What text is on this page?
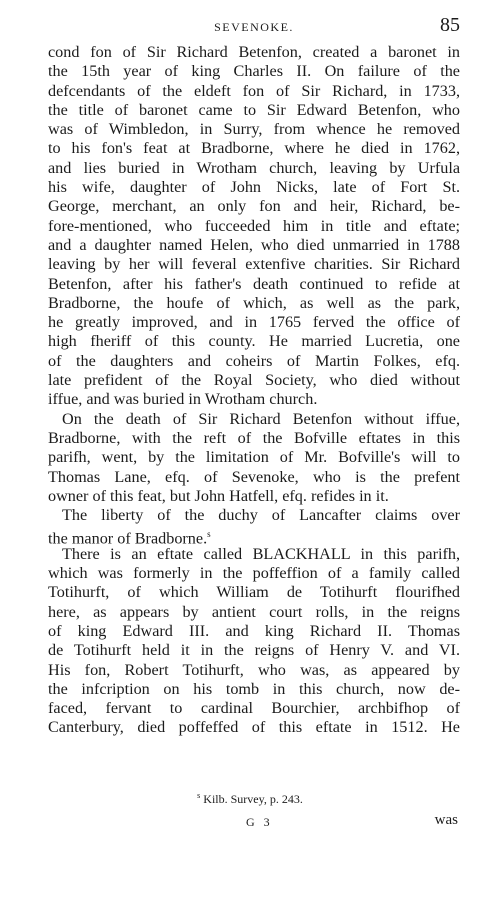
SEVENOKE.	85
cond fon of Sir Richard Betenfon, created a baronet in
the 15th year of king Charles II. On failure of the
defcendants of the eldeft fon of Sir Richard, in 1733,
the title of baronet came to Sir Edward Betenfon, who
was of Wimbledon, in Surry, from whence he removed
to his fon's feat at Bradborne, where he died in 1762,
and lies buried in Wrotham church, leaving by Urfula
his wife, daughter of John Nicks, late of Fort St.
George, merchant, an only fon and heir, Richard, be-
fore-mentioned, who fucceeded him in title and eftate;
and a daughter named Helen, who died unmarried in 1788
leaving by her will feveral extenfive charities. Sir Richard
Betenfon, after his father's death continued to refide at
Bradborne, the houfe of which, as well as the park,
he greatly improved, and in 1765 ferved the office of
high fheriff of this county. He married Lucretia, one
of the daughters and coheirs of Martin Folkes, efq.
late prefident of the Royal Society, who died without
iffue, and was buried in Wrotham church.
On the death of Sir Richard Betenfon without iffue,
Bradborne, with the reft of the Bofville eftates in this
parifh, went, by the limitation of Mr. Bofville's will to
Thomas Lane, efq. of Sevenoke, who is the prefent
owner of this feat, but John Hatfell, efq. refides in it.
The liberty of the duchy of Lancafter claims over
the manor of Bradborne.$^s$
There is an eftate called BLACKHALL in this parifh,
which was formerly in the poffeffion of a family called
Totihurft, of which William de Totihurft flourifhed
here, as appears by antient court rolls, in the reigns
of king Edward III. and king Richard II. Thomas
de Totihurft held it in the reigns of Henry V. and VI.
His fon, Robert Totihurft, who was, as appeared by
the infcription on his tomb in this church, now de-
faced, fervant to cardinal Bourchier, archbifhop of
Canterbury, died poffeffed of this eftate in 1512. He
$^s$ Kilb. Survey, p. 243.
G 3	was
